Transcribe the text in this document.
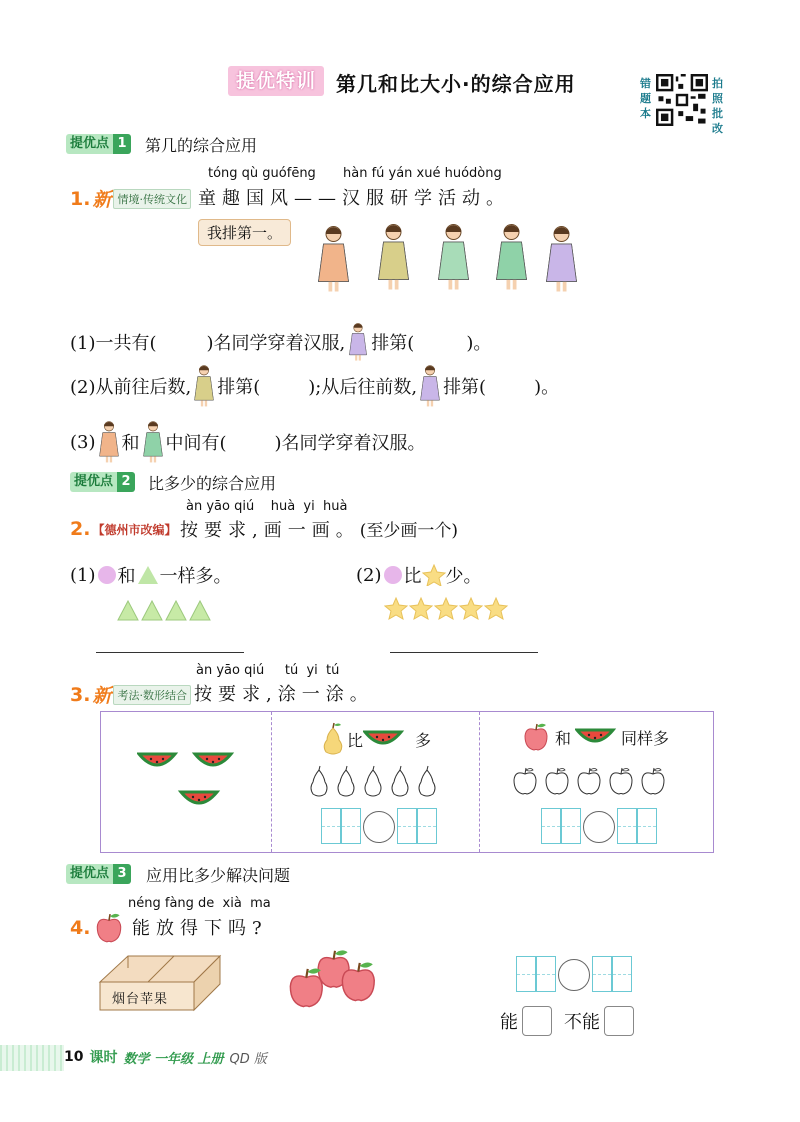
提优特训 第几和比大小·的综合应用	错题本
拍照批改
提优点 1 第几的综合应用
tóng qù guófēng hàn fú yán xué huódòng
1. 新 情境·传统文化 童趣国风——汉服研学活动。
我排第一。
(1)一共有(	)名同学穿着汉服, 排第(	)。
(2)从前往后数, 排第(	);从后往前数, 排第(	)。
(3) 和 中间有(	)名同学穿着汉服。
提优点 2 比多少的综合应用
àn yāo qiú    huà  yi  huà
2. 【德州市改编】 按要求,画一画。 (至少画一个)
(1) 和 一样多。	(2) 比 少。
àn yāo qiú     tú  yi  tú
3. 新 考法·数形结合 按要求,涂一涂。
比	多	和	同样多
提优点 3 应用比多少解决问题
néng fàng de  xià  ma
4. 能放得下吗?
烟台苹果
能	不能
10 课时 数学 一年级 上册 QD 版
